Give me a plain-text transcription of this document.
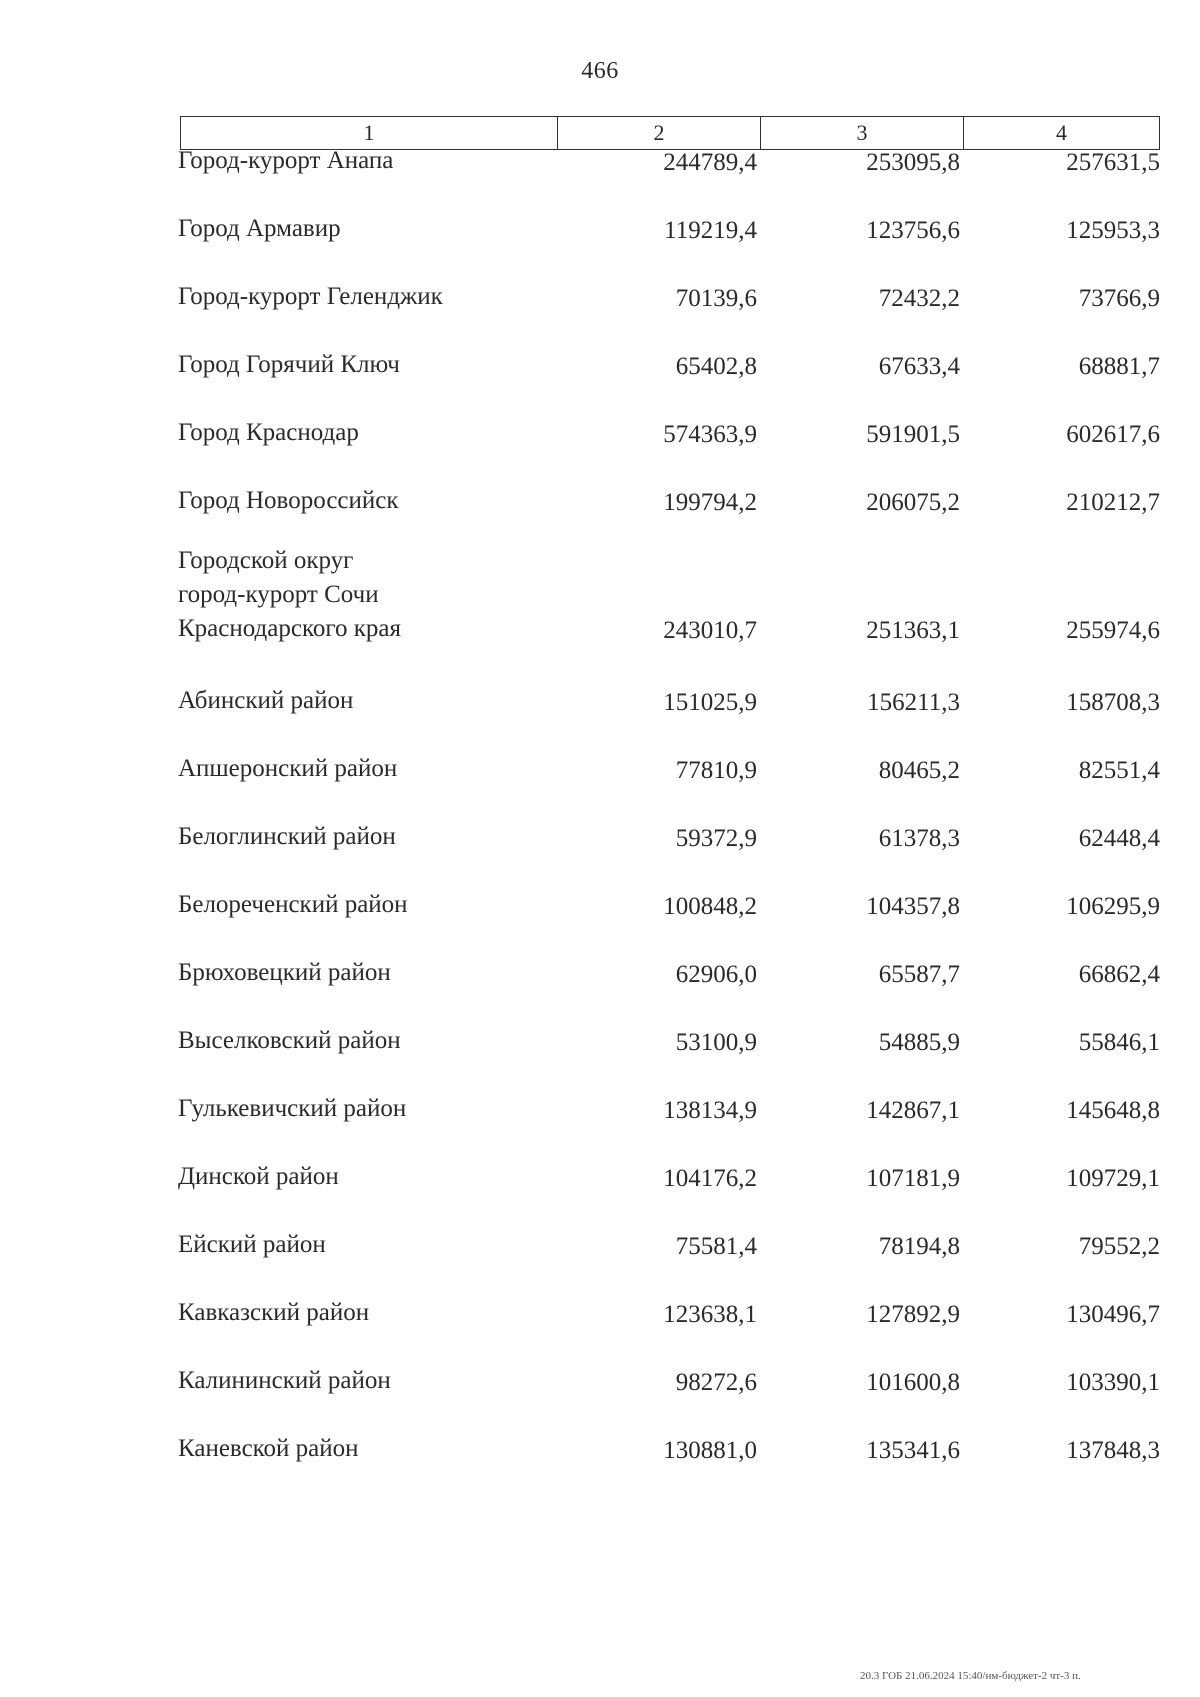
466
1	2	3	4
Город-курорт Анапа	244789,4	253095,8	257631,5
Город Армавир	119219,4	123756,6	125953,3
Город-курорт Геленджик	70139,6	72432,2	73766,9
Город Горячий Ключ	65402,8	67633,4	68881,7
Город Краснодар	574363,9	591901,5	602617,6
Город Новороссийск	199794,2	206075,2	210212,7
Городской округ
город-курорт Сочи
Краснодарского края	243010,7	251363,1	255974,6
Абинский район	151025,9	156211,3	158708,3
Апшеронский район	77810,9	80465,2	82551,4
Белоглинский район	59372,9	61378,3	62448,4
Белореченский район	100848,2	104357,8	106295,9
Брюховецкий район	62906,0	65587,7	66862,4
Выселковский район	53100,9	54885,9	55846,1
Гулькевичский район	138134,9	142867,1	145648,8
Динской район	104176,2	107181,9	109729,1
Ейский район	75581,4	78194,8	79552,2
Кавказский район	123638,1	127892,9	130496,7
Калининский район	98272,6	101600,8	103390,1
Каневской район	130881,0	135341,6	137848,3
20.3 ГОБ 21.06.2024 15:40/нм-бюджет-2 чт-3 п.
